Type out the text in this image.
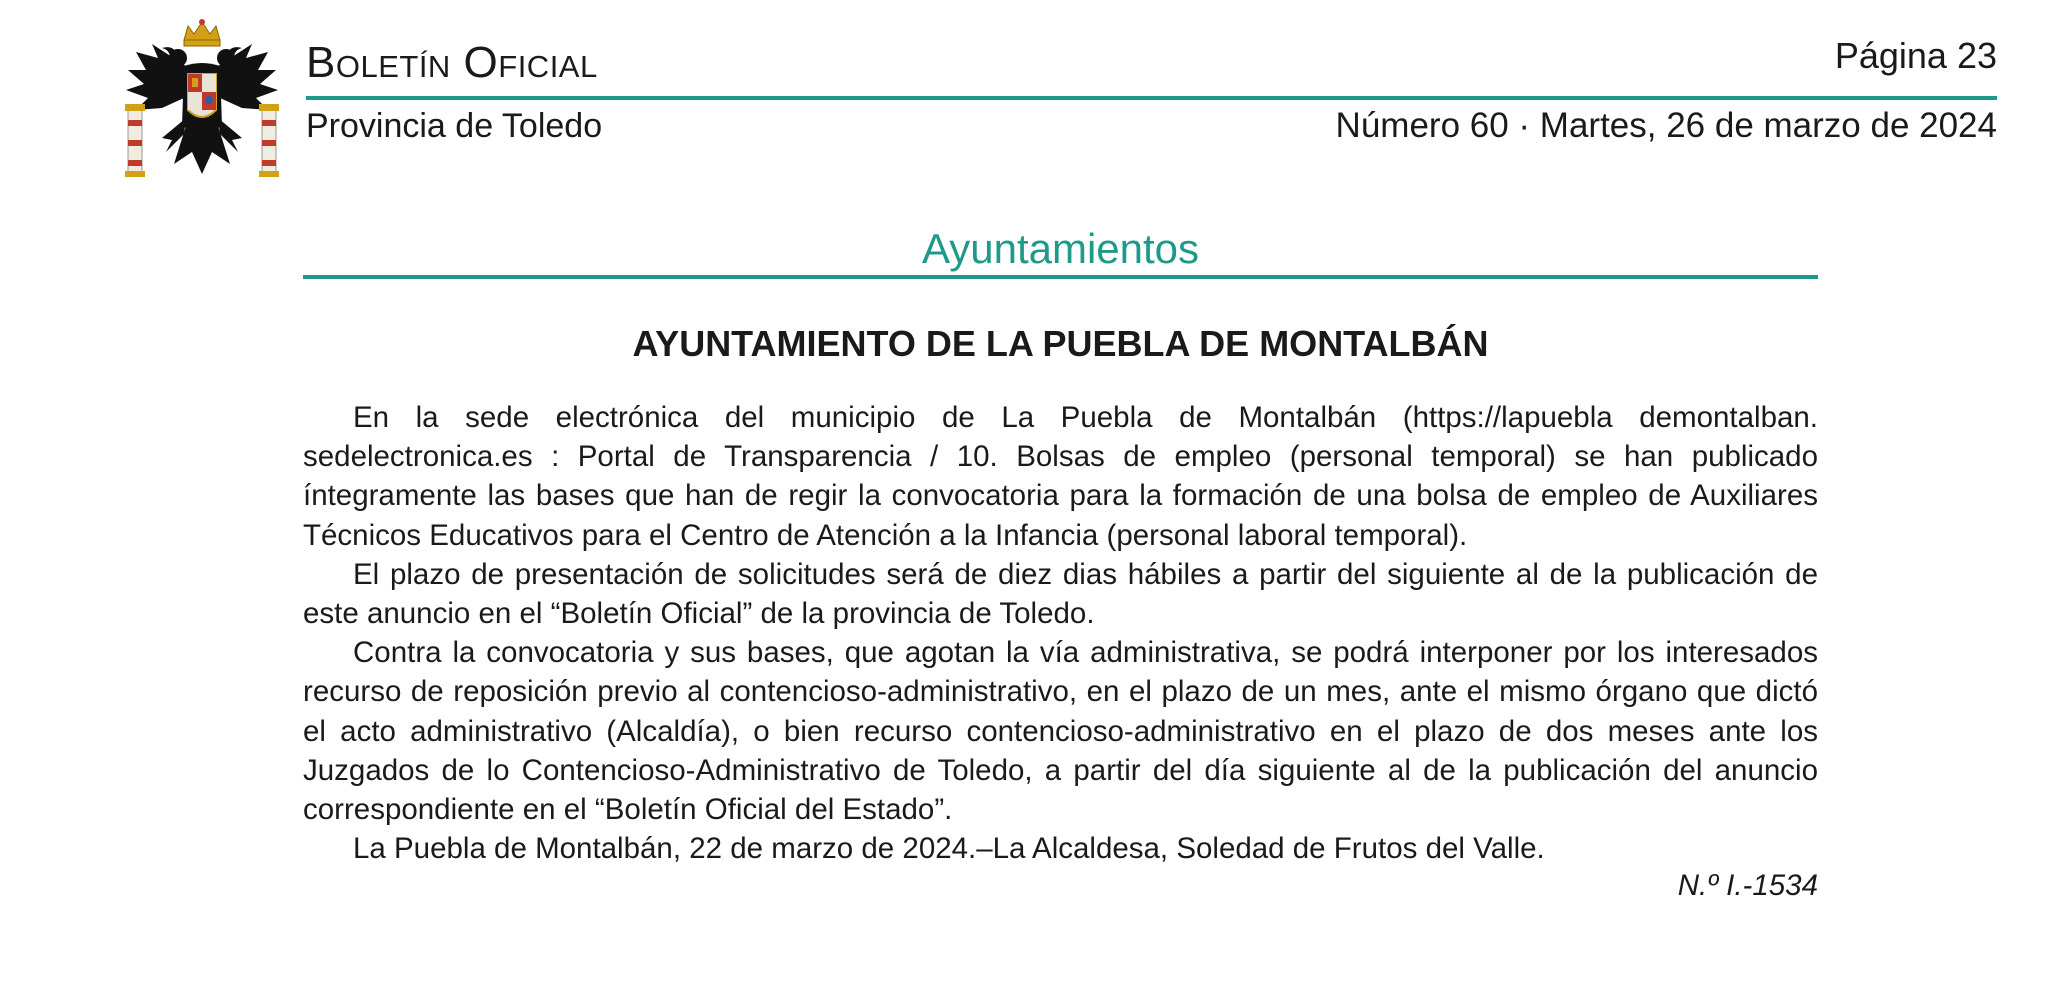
Boletín Oficial	Página 23
Provincia de Toledo	Número 60 · Martes, 26 de marzo de 2024
Ayuntamientos
AYUNTAMIENTO DE LA PUEBLA DE MONTALBÁN

En la sede electrónica del municipio de La Puebla de Montalbán (https://lapuebla demontalban. sedelectronica.es : Portal de Transparencia / 10. Bolsas de empleo (personal temporal) se han publicado íntegramente las bases que han de regir la convocatoria para la formación de una bolsa de empleo de Auxiliares Técnicos Educativos para el Centro de Atención a la Infancia (personal laboral temporal).

El plazo de presentación de solicitudes será de diez dias hábiles a partir del siguiente al de la publicación de este anuncio en el “Boletín Oficial” de la provincia de Toledo.

Contra la convocatoria y sus bases, que agotan la vía administrativa, se podrá interponer por los interesados recurso de reposición previo al contencioso-administrativo, en el plazo de un mes, ante el mismo órgano que dictó el acto administrativo (Alcaldía), o bien recurso contencioso-administrativo en el plazo de dos meses ante los Juzgados de lo Contencioso-Administrativo de Toledo, a partir del día siguiente al de la publicación del anuncio correspondiente en el “Boletín Oficial del Estado”.

La Puebla de Montalbán, 22 de marzo de 2024.–La Alcaldesa, Soledad de Frutos del Valle.

N.º I.-1534
